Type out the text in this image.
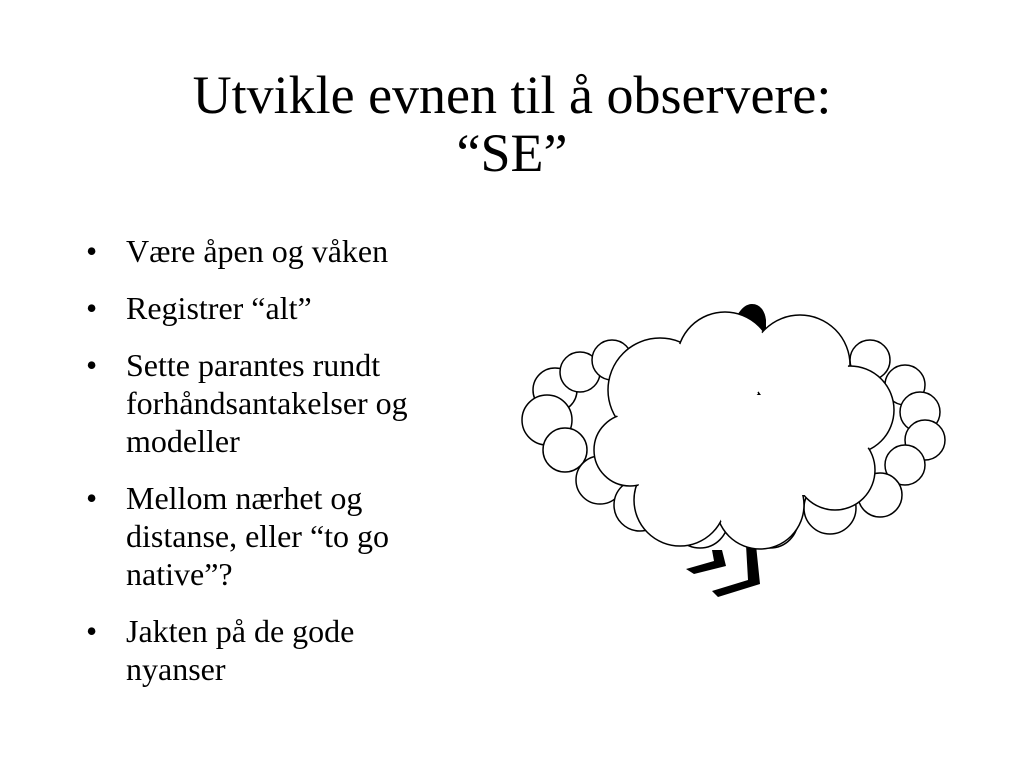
Utvikle evnen til å observere:
“SE”
• Være åpen og våken
• Registrer “alt”
• Sette parantes rundt
forhåndsantakelser og
modeller
• Mellom nærhet og
distanse, eller “to go
native”?
• Jakten på de gode
nyanser
